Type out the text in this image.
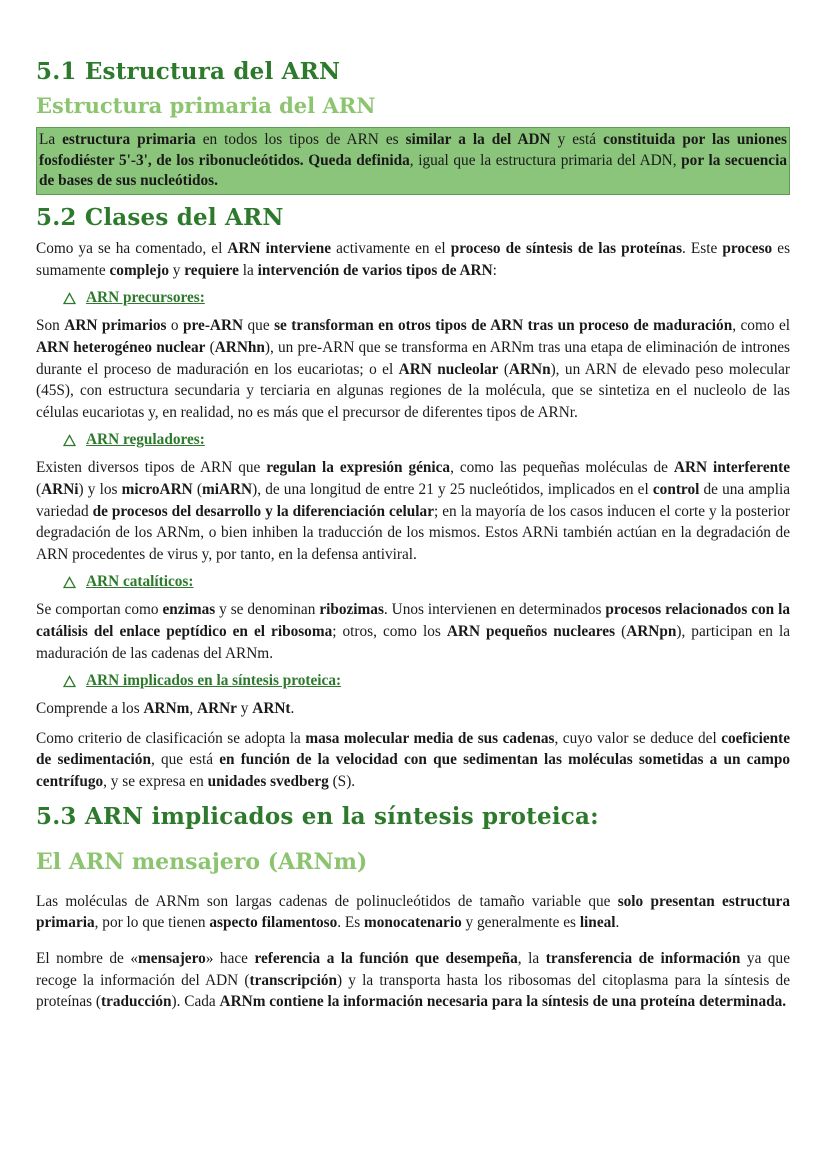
5.1 Estructura del ARN
Estructura primaria del ARN

La estructura primaria en todos los tipos de ARN es similar a la del ADN y está constituida por las uniones fosfodiéster 5'-3', de los ribonucleótidos. Queda definida, igual que la estructura primaria del ADN, por la secuencia de bases de sus nucleótidos.

5.2 Clases del ARN

Como ya se ha comentado, el ARN interviene activamente en el proceso de síntesis de las proteínas. Este proceso es sumamente complejo y requiere la intervención de varios tipos de ARN:

ARN precursores:

Son ARN primarios o pre-ARN que se transforman en otros tipos de ARN tras un proceso de maduración, como el ARN heterogéneo nuclear (ARNhn), un pre-ARN que se transforma en ARNm tras una etapa de eliminación de intrones durante el proceso de maduración en los eucariotas; o el ARN nucleolar (ARNn), un ARN de elevado peso molecular (45S), con estructura secundaria y terciaria en algunas regiones de la molécula, que se sintetiza en el nucleolo de las células eucariotas y, en realidad, no es más que el precursor de diferentes tipos de ARNr.

ARN reguladores:

Existen diversos tipos de ARN que regulan la expresión génica, como las pequeñas moléculas de ARN interferente (ARNi) y los microARN (miARN), de una longitud de entre 21 y 25 nucleótidos, implicados en el control de una amplia variedad de procesos del desarrollo y la diferenciación celular; en la mayoría de los casos inducen el corte y la posterior degradación de los ARNm, o bien inhiben la traducción de los mismos. Estos ARNi también actúan en la degradación de ARN procedentes de virus y, por tanto, en la defensa antiviral.

ARN catalíticos:

Se comportan como enzimas y se denominan ribozimas. Unos intervienen en determinados procesos relacionados con la catálisis del enlace peptídico en el ribosoma; otros, como los ARN pequeños nucleares (ARNpn), participan en la maduración de las cadenas del ARNm.

ARN implicados en la síntesis proteica:

Comprende a los ARNm, ARNr y ARNt.

Como criterio de clasificación se adopta la masa molecular media de sus cadenas, cuyo valor se deduce del coeficiente de sedimentación, que está en función de la velocidad con que sedimentan las moléculas sometidas a un campo centrífugo, y se expresa en unidades svedberg (S).

5.3 ARN implicados en la síntesis proteica:
El ARN mensajero (ARNm)

Las moléculas de ARNm son largas cadenas de polinucleótidos de tamaño variable que solo presentan estructura primaria, por lo que tienen aspecto filamentoso. Es monocatenario y generalmente es lineal.

El nombre de «mensajero» hace referencia a la función que desempeña, la transferencia de información ya que recoge la información del ADN (transcripción) y la transporta hasta los ribosomas del citoplasma para la síntesis de proteínas (traducción). Cada ARNm contiene la información necesaria para la síntesis de una proteína determinada.
